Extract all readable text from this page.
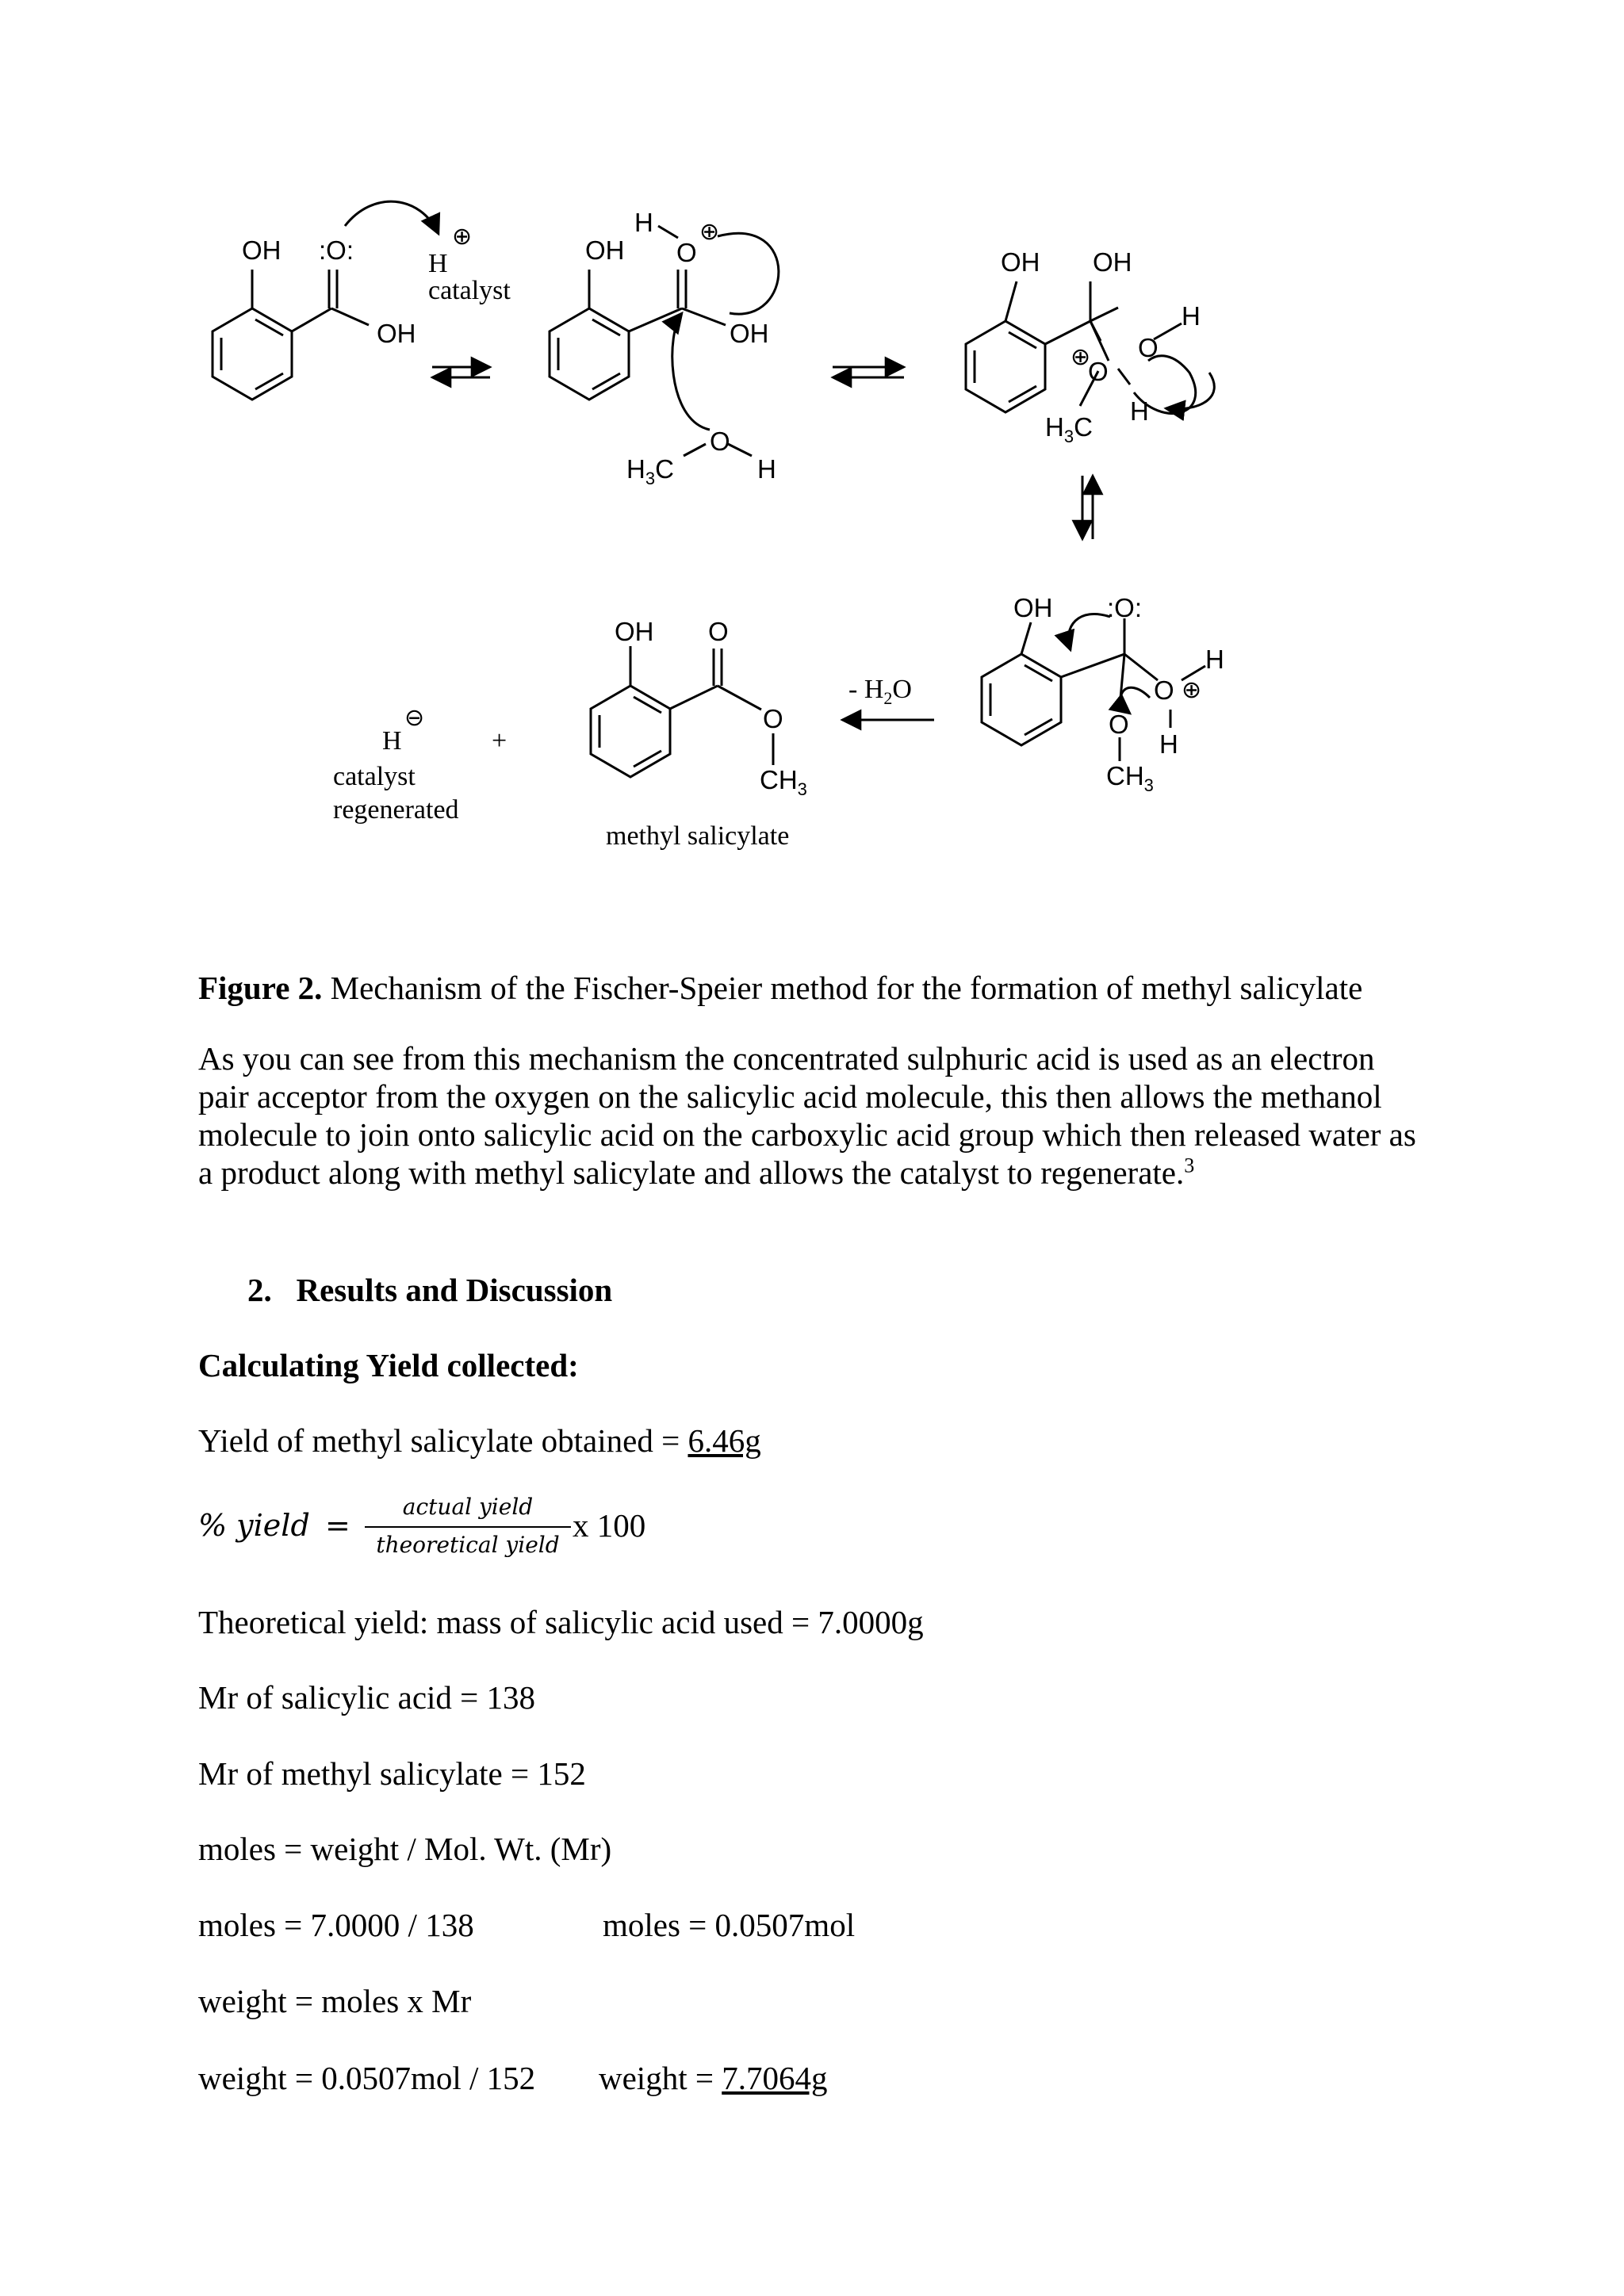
⊕	⊕
⊕
⊕
⊖
OH :O:
OH
H
catalyst
OH
H
O
OH
$H_3C$
O
H
OH OH
H
O
O
$H_3C$
H
OH :O:
H
O
O
H
$CH_3$
- $H_2O$
OH O
O
$CH_3$
methyl salicylate
H	+
catalyst
regenerated

Figure 2. Mechanism of the Fischer-Speier method for the formation of methyl salicylate

As you can see from this mechanism the concentrated sulphuric acid is used as an electron
pair acceptor from the oxygen on the salicylic acid molecule, this then allows the methanol
molecule to join onto salicylic acid on the carboxylic acid group which then released water as
a product along with methyl salicylate and allows the catalyst to regenerate.$^3$

2. Results and Discussion

Calculating Yield collected:

Yield of methyl salicylate obtained = 6.46g

% yield =

actual yield
theoretical yield

x 100

Theoretical yield: mass of salicylic acid used = 7.0000g

Mr of salicylic acid = 138

Mr of methyl salicylate = 152

moles = weight / Mol. Wt. (Mr)

moles = 7.0000 / 138	moles = 0.0507mol

weight = moles x Mr

weight = 0.0507mol / 152 weight = 7.7064g
